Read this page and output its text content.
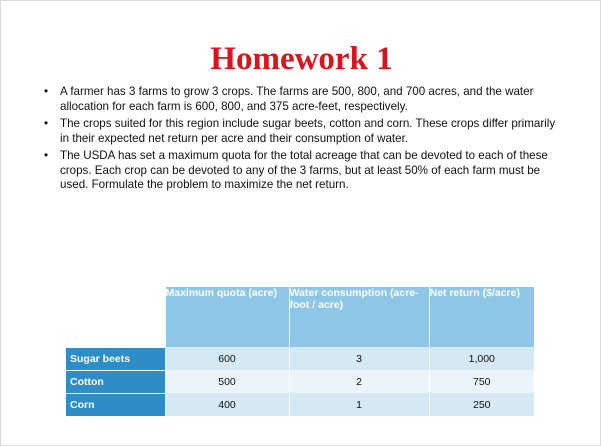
Homework 1
• A farmer has 3 farms to grow 3 crops. The farms are 500, 800, and 700 acres, and the water allocation for each farm is 600, 800, and 375 acre-feet, respectively.
• The crops suited for this region include sugar beets, cotton and corn. These crops differ primarily in their expected net return per acre and their consumption of water.
• The USDA has set a maximum quota for the total acreage that can be devoted to each of these crops. Each crop can be devoted to any of the 3 farms, but at least 50% of each farm must be used. Formulate the problem to maximize the net return.
	Maximum quota (acre)	Water consumption (acre-foot / acre)	Net return ($/acre)
Sugar beets	600	3	1,000
Cotton	500	2	750
Corn	400	1	250
